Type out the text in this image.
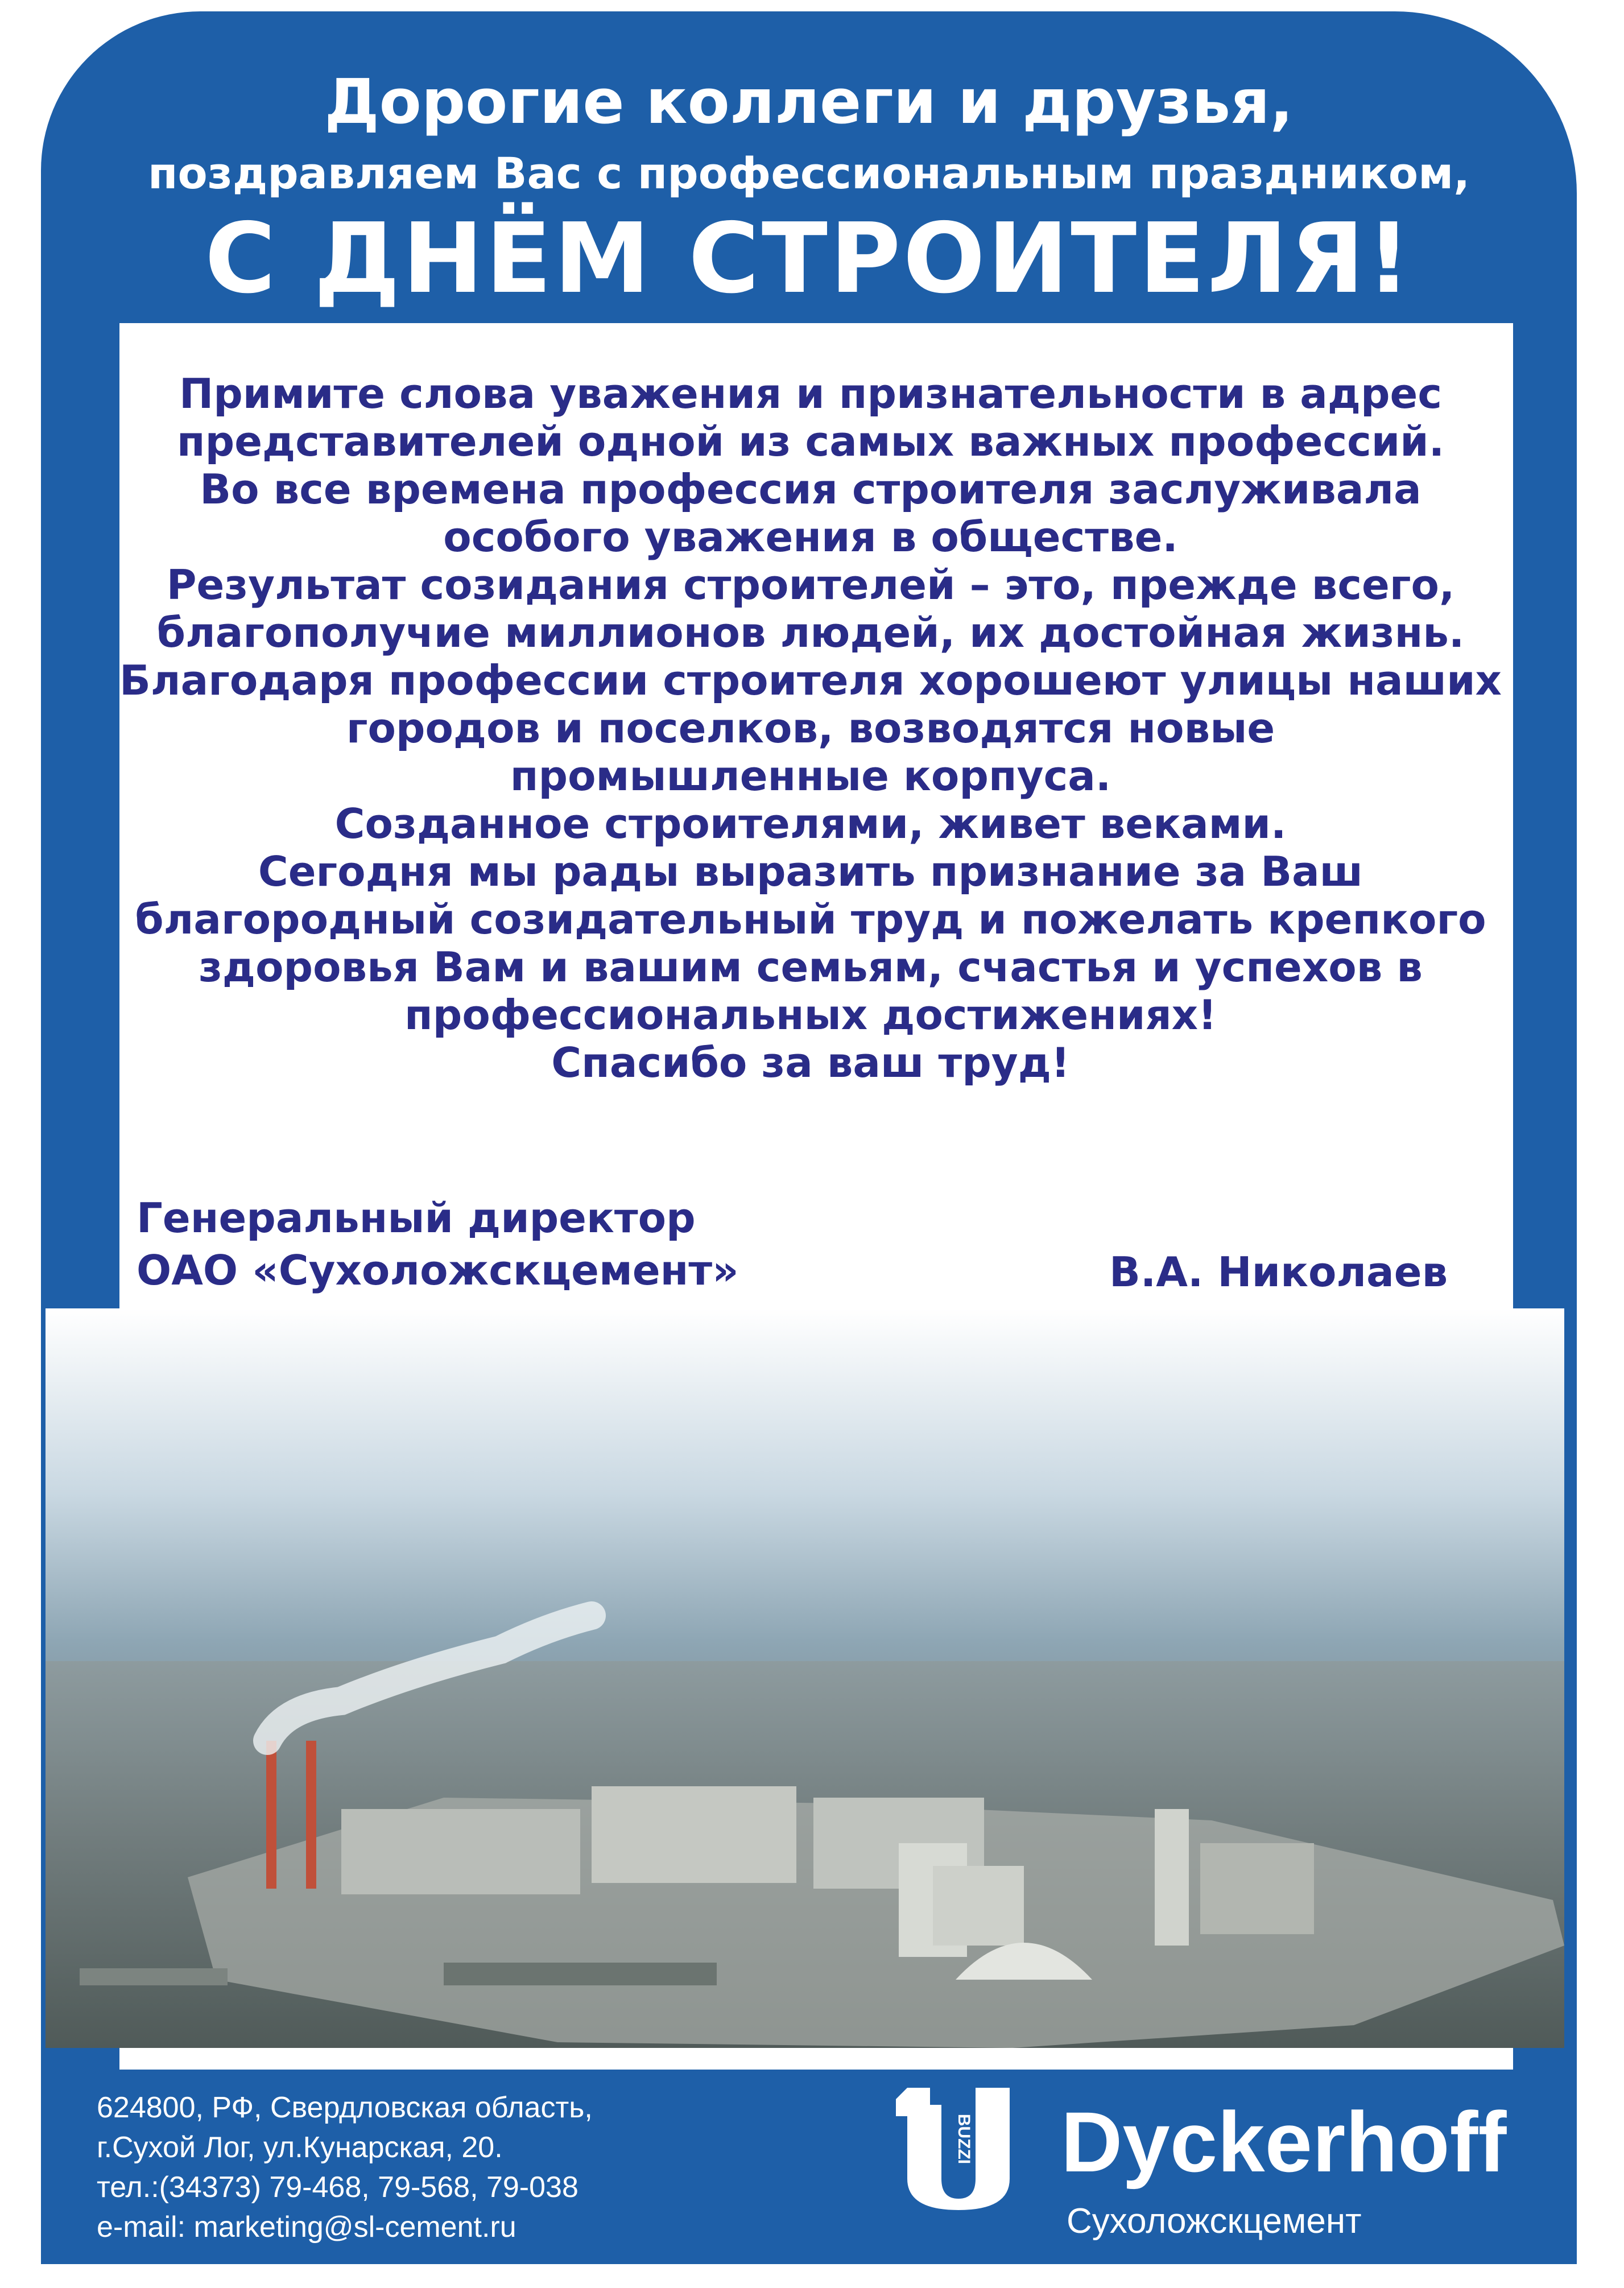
Дорогие коллеги и друзья,
поздравляем Вас с профессиональным праздником,
С ДНЁМ СТРОИТЕЛЯ!
Примите слова уважения и признательности в адрес
представителей одной из самых важных профессий.
Во все времена профессия строителя заслуживала
особого уважения в обществе.
Результат созидания строителей – это, прежде всего,
благополучие миллионов людей, их достойная жизнь.
Благодаря профессии строителя хорошеют улицы наших
городов и поселков, возводятся новые
промышленные корпуса.
Созданное строителями, живет веками.
Сегодня мы рады выразить признание за Ваш
благородный созидательный труд и пожелать крепкого
здоровья Вам и вашим семьям, счастья и успехов в
профессиональных достижениях!
Спасибо за ваш труд!
Генеральный директор
ОАО «Сухоложскцемент»	В.А. Николаев
624800, РФ, Свердловская область,
г.Сухой Лог, ул.Кунарская, 20.
тел.:(34373) 79-468, 79-568, 79-038
e-mail: marketing@sl-cement.ru
BUZZI Dyckerhoff
Сухоложскцемент
